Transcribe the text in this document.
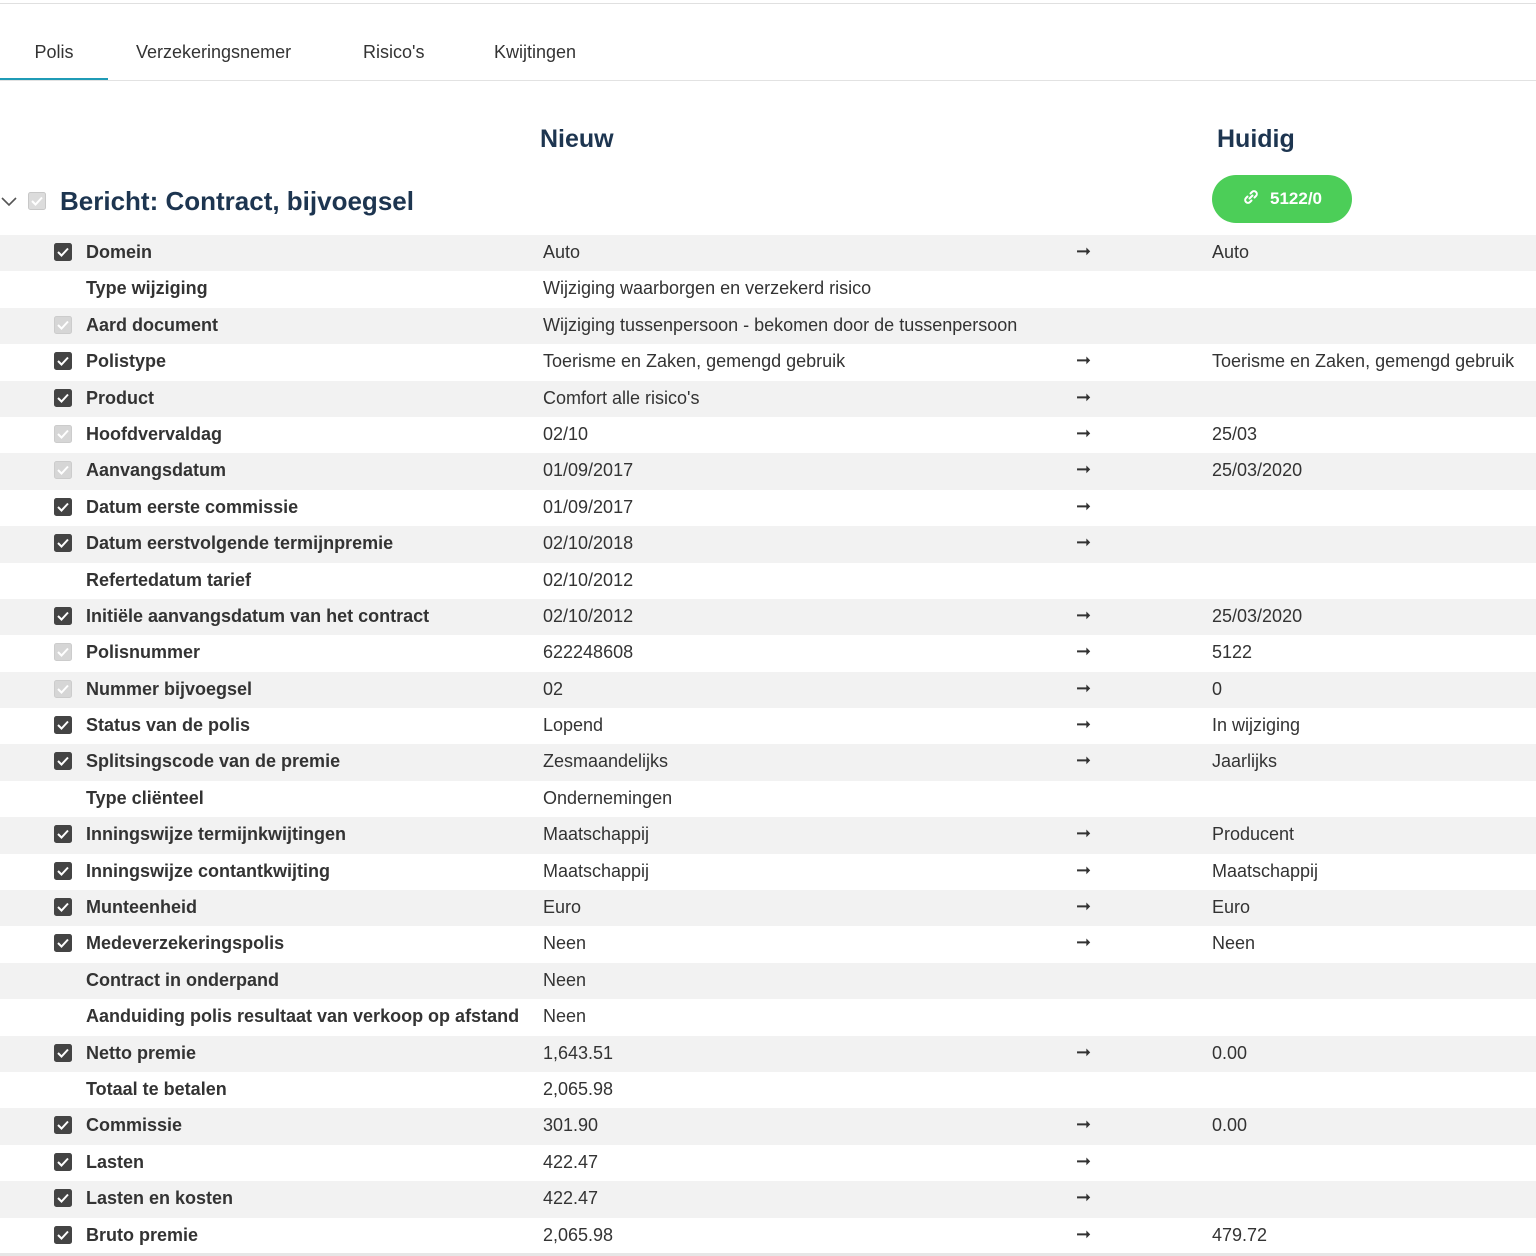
Polis	Verzekeringsnemer	Risico's	Kwijtingen
Nieuw	Huidig
Bericht: Contract, bijvoegsel	5122/0
Domein	Auto	➞	Auto
Type wijziging	Wijziging waarborgen en verzekerd risico
Aard document	Wijziging tussenpersoon - bekomen door de tussenpersoon
Polistype	Toerisme en Zaken, gemengd gebruik	➞	Toerisme en Zaken, gemengd gebruik
Product	Comfort alle risico's	➞
Hoofdvervaldag	02/10	➞	25/03
Aanvangsdatum	01/09/2017	➞	25/03/2020
Datum eerste commissie	01/09/2017	➞
Datum eerstvolgende termijnpremie	02/10/2018	➞
Refertedatum tarief	02/10/2012
Initiële aanvangsdatum van het contract	02/10/2012	➞	25/03/2020
Polisnummer	622248608	➞	5122
Nummer bijvoegsel	02	➞	0
Status van de polis	Lopend	➞	In wijziging
Splitsingscode van de premie	Zesmaandelijks	➞	Jaarlijks
Type cliënteel	Ondernemingen
Inningswijze termijnkwijtingen	Maatschappij	➞	Producent
Inningswijze contantkwijting	Maatschappij	➞	Maatschappij
Munteenheid	Euro	➞	Euro
Medeverzekeringspolis	Neen	➞	Neen
Contract in onderpand	Neen
Aanduiding polis resultaat van verkoop op afstand Neen
Netto premie	1,643.51	➞	0.00
Totaal te betalen	2,065.98
Commissie	301.90	➞	0.00
Lasten	422.47	➞
Lasten en kosten	422.47	➞
Bruto premie	2,065.98	➞	479.72
